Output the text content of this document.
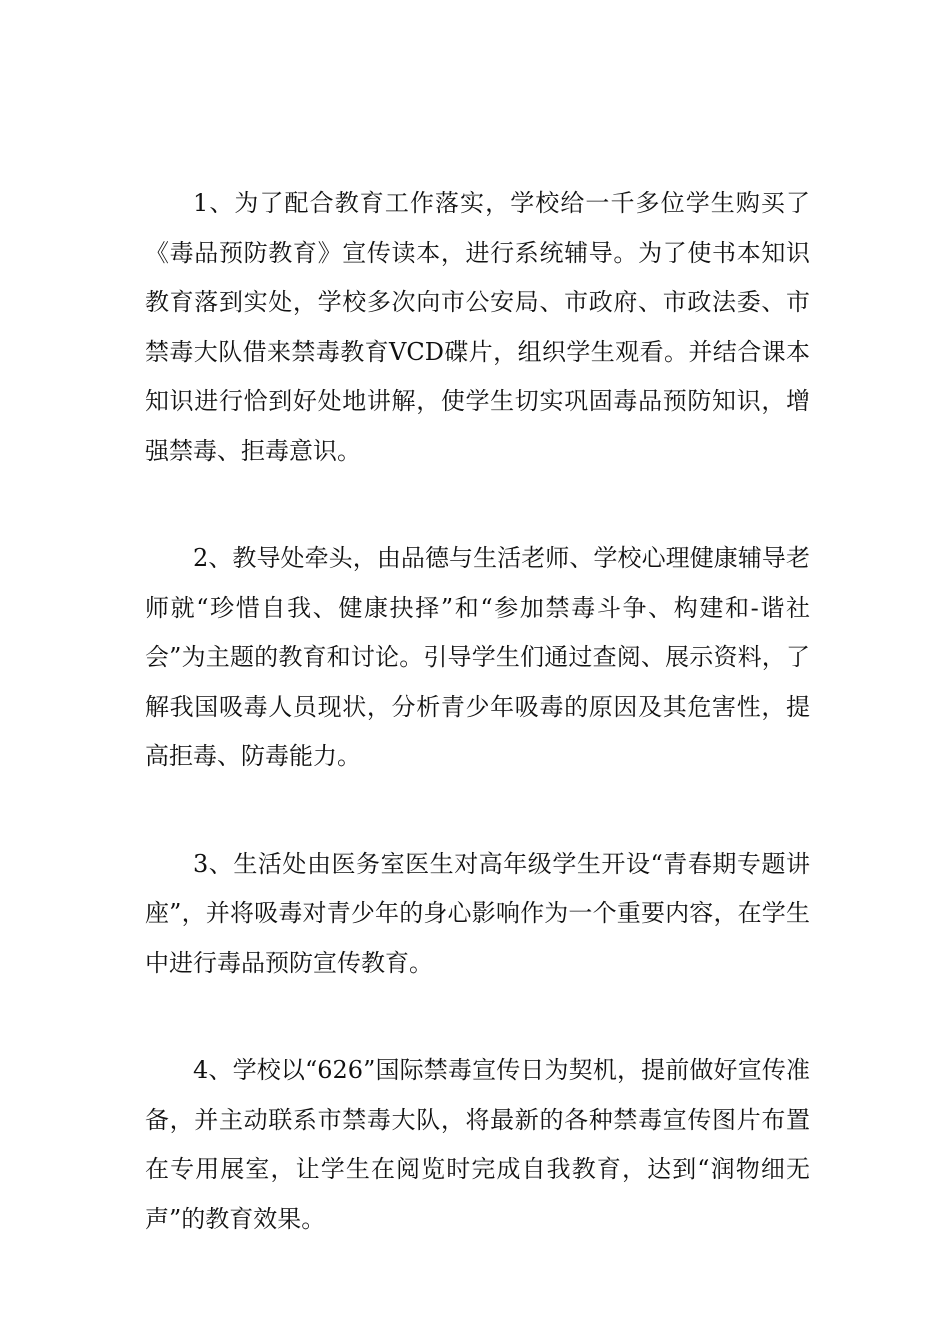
1、为了配合教育工作落实，学校给一千多位学生购买了《毒品预防教育》宣传读本，进行系统辅导。为了使书本知识教育落到实处，学校多次向市公安局、市政府、市政法委、市禁毒大队借来禁毒教育VCD碟片，组织学生观看。并结合课本知识进行恰到好处地讲解，使学生切实巩固毒品预防知识，增强禁毒、拒毒意识。

2、教导处牵头，由品德与生活老师、学校心理健康辅导老师就“珍惜自我、健康抉择”和“参加禁毒斗争、构建和-谐社会”为主题的教育和讨论。引导学生们通过查阅、展示资料，了解我国吸毒人员现状，分析青少年吸毒的原因及其危害性，提高拒毒、防毒能力。

3、生活处由医务室医生对高年级学生开设“青春期专题讲座”，并将吸毒对青少年的身心影响作为一个重要内容，在学生中进行毒品预防宣传教育。

4、学校以“626”国际禁毒宣传日为契机，提前做好宣传准备，并主动联系市禁毒大队，将最新的各种禁毒宣传图片布置在专用展室，让学生在阅览时完成自我教育，达到“润物细无声”的教育效果。
